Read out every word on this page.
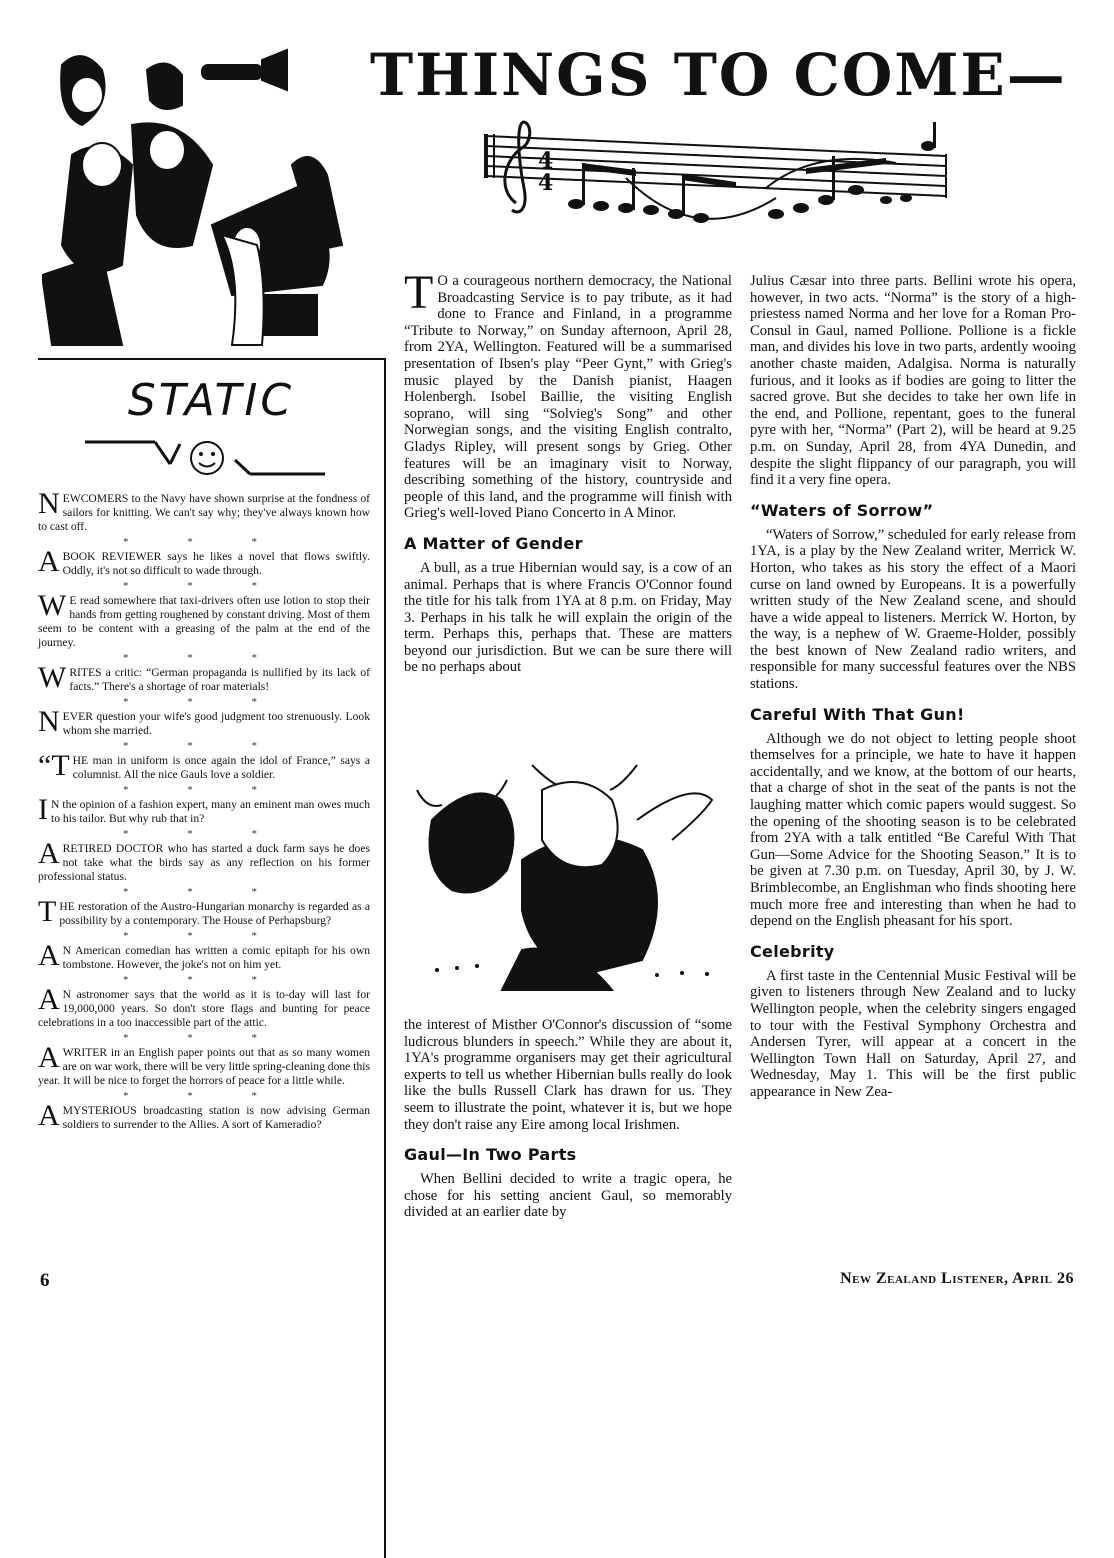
THINGS TO COME—
4
4
STATIC
NEWCOMERS to the Navy have shown surprise at the fondness of sailors for knitting. We can't say why; they've always known how to cast off.
* * *
A BOOK REVIEWER says he likes a novel that flows swiftly. Oddly, it's not so difficult to wade through.
* * *
W E read somewhere that taxi-drivers often use lotion to stop their hands from getting roughened by constant driving. Most of them seem to be content with a greasing of the palm at the end of the journey.
* * *
WRITES a critic: “German propaganda is nullified by its lack of facts.” There's a shortage of roar materials!
* * *
NEVER question your wife's good judgment too strenuously. Look whom she married.
* * *
“THE man in uniform is once again the idol of France,” says a columnist. All the nice Gauls love a soldier.
* * *
I N the opinion of a fashion expert, many an eminent man owes much to his tailor. But why rub that in?
* * *
A RETIRED DOCTOR who has started a duck farm says he does not take what the birds say as any reflection on his former professional status.
* * *
THE restoration of the Austro-Hungarian monarchy is regarded as a possibility by a contemporary. The House of Perhapsburg?
* * *
A N American comedian has written a comic epitaph for his own tombstone. However, the joke's not on him yet.
* * *
A N astronomer says that the world as it is to-day will last for 19,000,000 years. So don't store flags and bunting for peace celebrations in a too inaccessible part of the attic.
* * *
A WRITER in an English paper points out that as so many women are on war work, there will be very little spring-cleaning done this year. It will be nice to forget the horrors of peace for a little while.
* * *
A MYSTERIOUS broadcasting station is now advising German soldiers to surrender to the Allies. A sort of Kameradio?

T O a courageous northern democracy, the National Broadcasting Service is to pay tribute, as it had done to France and Finland, in a programme “Tribute to Norway,” on Sunday afternoon, April 28, from 2YA, Wellington. Featured will be a summarised presentation of Ibsen's play “Peer Gynt,” with Grieg's music played by the Danish pianist, Haagen Holenbergh. Isobel Baillie, the visiting English soprano, will sing “Solvieg's Song” and other Norwegian songs, and the visiting English contralto, Gladys Ripley, will present songs by Grieg. Other features will be an imaginary visit to Norway, describing something of the history, countryside and people of this land, and the programme will finish with Grieg's well-loved Piano Concerto in A Minor.

A Matter of Gender

A bull, as a true Hibernian would say, is a cow of an animal. Perhaps that is where Francis O'Connor found the title for his talk from 1YA at 8 p.m. on Friday, May 3. Perhaps in his talk he will explain the origin of the term. Perhaps this, perhaps that. These are matters beyond our jurisdiction. But we can be sure there will be no perhaps about

the interest of Misther O'Connor's discussion of “some ludicrous blunders in speech.” While they are about it, 1YA's programme organisers may get their agricultural experts to tell us whether Hibernian bulls really do look like the bulls Russell Clark has drawn for us. They seem to illustrate the point, whatever it is, but we hope they don't raise any Eire among local Irishmen.

Gaul—In Two Parts

When Bellini decided to write a tragic opera, he chose for his setting ancient Gaul, so memorably divided at an earlier date by

Julius Cæsar into three parts. Bellini wrote his opera, however, in two acts. “Norma” is the story of a high-priestess named Norma and her love for a Roman Pro-Consul in Gaul, named Pollione. Pollione is a fickle man, and divides his love in two parts, ardently wooing another chaste maiden, Adalgisa. Norma is naturally furious, and it looks as if bodies are going to litter the sacred grove. But she decides to take her own life in the end, and Pollione, repentant, goes to the funeral pyre with her, “Norma” (Part 2), will be heard at 9.25 p.m. on Sunday, April 28, from 4YA Dunedin, and despite the slight flippancy of our paragraph, you will find it a very fine opera.

“Waters of Sorrow”

“Waters of Sorrow,” scheduled for early release from 1YA, is a play by the New Zealand writer, Merrick W. Horton, who takes as his story the effect of a Maori curse on land owned by Europeans. It is a powerfully written study of the New Zealand scene, and should have a wide appeal to listeners. Merrick W. Horton, by the way, is a nephew of W. Graeme-Holder, possibly the best known of New Zealand radio writers, and responsible for many successful features over the NBS stations.

Careful With That Gun!

Although we do not object to letting people shoot themselves for a principle, we hate to have it happen accidentally, and we know, at the bottom of our hearts, that a charge of shot in the seat of the pants is not the laughing matter which comic papers would suggest. So the opening of the shooting season is to be celebrated from 2YA with a talk entitled “Be Careful With That Gun—Some Advice for the Shooting Season.” It is to be given at 7.30 p.m. on Tuesday, April 30, by J. W. Brimblecombe, an Englishman who finds shooting here much more free and interesting than when he had to depend on the English pheasant for his sport.

Celebrity

A first taste in the Centennial Music Festival will be given to listeners through New Zealand and to lucky Wellington people, when the celebrity singers engaged to tour with the Festival Symphony Orchestra and Andersen Tyrer, will appear at a concert in the Wellington Town Hall on Saturday, April 27, and Wednesday, May 1. This will be the first public appearance in New Zea-

6	New Zealand Listener, April 26
